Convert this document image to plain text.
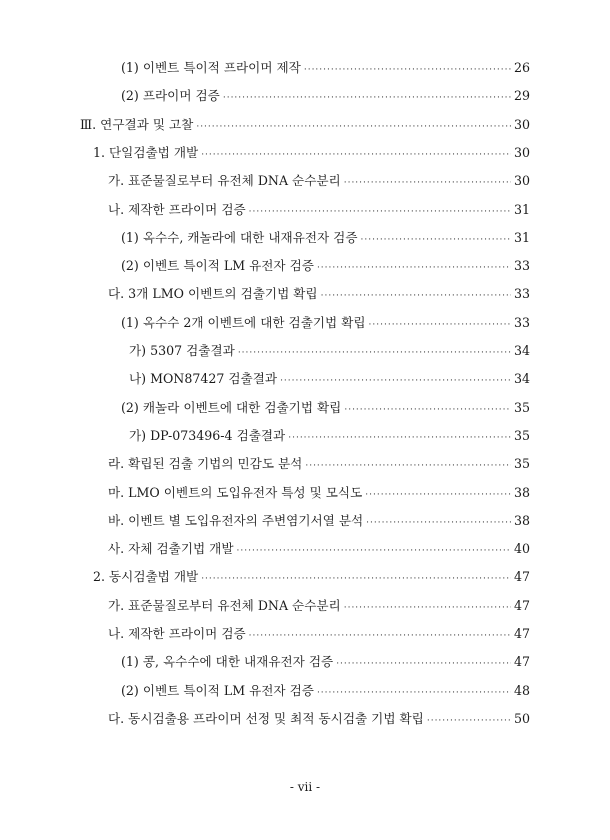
(1) 이벤트 특이적 프라이머 제작 ·····	26
(2) 프라이머 검증 ·····	29
Ⅲ. 연구결과 및 고찰 ·····	30
1. 단일검출법 개발 ·····	30
가. 표준물질로부터 유전체 DNA 순수분리 ·····	30
나. 제작한 프라이머 검증 ·····	31
(1) 옥수수, 캐놀라에 대한 내재유전자 검증 ·····	31
(2) 이벤트 특이적 LM 유전자 검증 ·····	33
다. 3개 LMO 이벤트의 검출기법 확립 ·····	33
(1) 옥수수 2개 이벤트에 대한 검출기법 확립 ·····	33
가) 5307 검출결과 ·····	34
나) MON87427 검출결과 ·····	34
(2) 캐놀라 이벤트에 대한 검출기법 확립 ·····	35
가) DP-073496-4 검출결과 ·····	35
라. 확립된 검출 기법의 민감도 분석 ·····	35
마. LMO 이벤트의 도입유전자 특성 및 모식도 ·····	38
바. 이벤트 별 도입유전자의 주변염기서열 분석 ·····	38
사. 자체 검출기법 개발 ·····	40
2. 동시검출법 개발 ·····	47
가. 표준물질로부터 유전체 DNA 순수분리 ·····	47
나. 제작한 프라이머 검증 ·····	47
(1) 콩, 옥수수에 대한 내재유전자 검증 ·····	47
(2) 이벤트 특이적 LM 유전자 검증 ·····	48
다. 동시검출용 프라이머 선정 및 최적 동시검출 기법 확립 ·····	50
- vii -
